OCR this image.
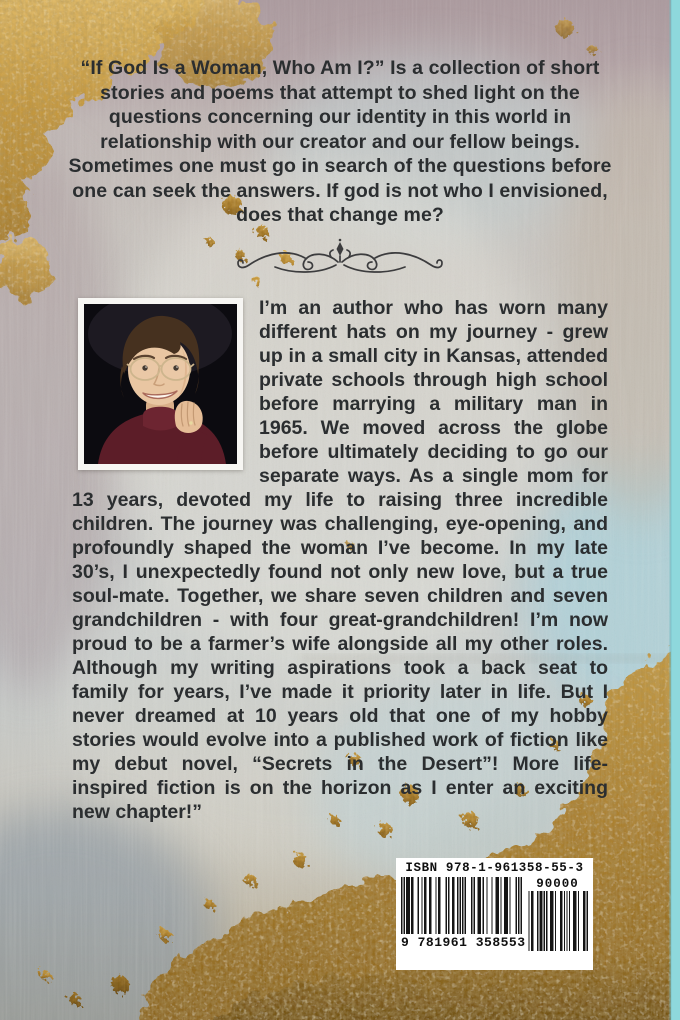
“If God Is a Woman, Who Am I?” Is a collection of short stories and poems that attempt to shed light on the questions concerning our identity in this world in relationship with our creator and our fellow beings. Sometimes one must go in search of the questions before one can seek the answers. If god is not who I envisioned, does that change me?

I’m an author who has worn many different hats on my journey - grew up in a small city in Kansas, attended private schools through high school before marrying a military man in 1965. We moved across the globe before ultimately deciding to go our separate ways. As a single mom for 13 years, devoted my life to raising three incredible children. The journey was challenging, eye-opening, and profoundly shaped the woman I’ve become. In my late 30’s, I unexpectedly found not only new love, but a true soul-mate. Together, we share seven children and seven grandchildren - with four great-grandchildren! I’m now proud to be a farmer’s wife alongside all my other roles. Although my writing aspirations took a back seat to family for years, I’ve made it priority later in life. But I never dreamed at 10 years old that one of my hobby stories would evolve into a published work of fiction like my debut novel, “Secrets in the Desert”! More life-inspired fiction is on the horizon as I enter an exciting new chapter!”
ISBN 978-1-961358-55-3
9 781961 358553
90000
